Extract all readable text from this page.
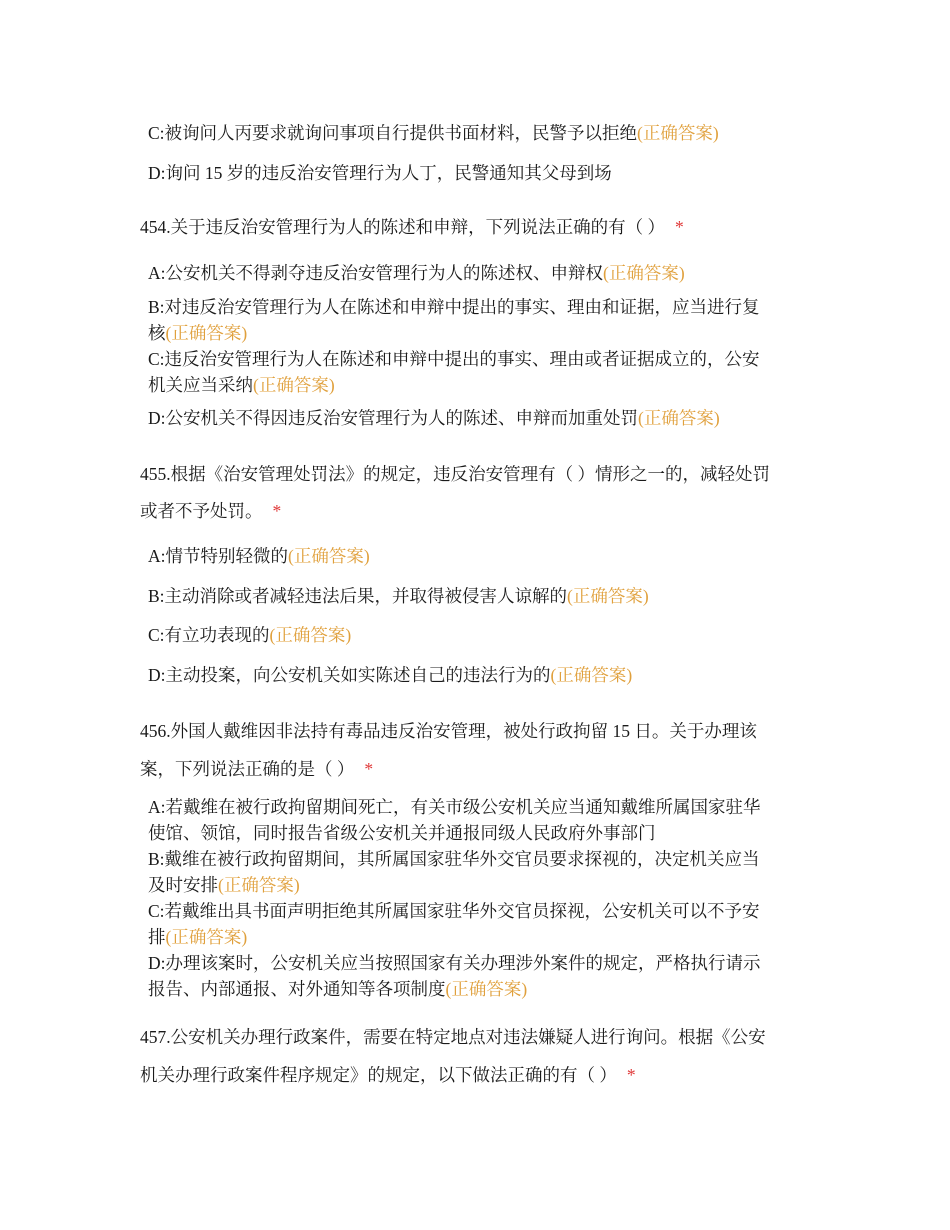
C:被询问人丙要求就询问事项自行提供书面材料，民警予以拒绝(正确答案)
D:询问 15 岁的违反治安管理行为人丁，民警通知其父母到场
454.关于违反治安管理行为人的陈述和申辩，下列说法正确的有（ ） *
A:公安机关不得剥夺违反治安管理行为人的陈述权、申辩权(正确答案)
B:对违反治安管理行为人在陈述和申辩中提出的事实、理由和证据，应当进行复
核(正确答案)
C:违反治安管理行为人在陈述和申辩中提出的事实、理由或者证据成立的，公安
机关应当采纳(正确答案)
D:公安机关不得因违反治安管理行为人的陈述、申辩而加重处罚(正确答案)
455.根据《治安管理处罚法》的规定，违反治安管理有（ ）情形之一的，减轻处罚
或者不予处罚。 *
A:情节特别轻微的(正确答案)
B:主动消除或者减轻违法后果，并取得被侵害人谅解的(正确答案)
C:有立功表现的(正确答案)
D:主动投案，向公安机关如实陈述自己的违法行为的(正确答案)
456.外国人戴维因非法持有毒品违反治安管理，被处行政拘留 15 日。关于办理该
案，下列说法正确的是（ ） *
A:若戴维在被行政拘留期间死亡，有关市级公安机关应当通知戴维所属国家驻华
使馆、领馆，同时报告省级公安机关并通报同级人民政府外事部门
B:戴维在被行政拘留期间，其所属国家驻华外交官员要求探视的，决定机关应当
及时安排(正确答案)
C:若戴维出具书面声明拒绝其所属国家驻华外交官员探视，公安机关可以不予安
排(正确答案)
D:办理该案时，公安机关应当按照国家有关办理涉外案件的规定，严格执行请示
报告、内部通报、对外通知等各项制度(正确答案)
457.公安机关办理行政案件，需要在特定地点对违法嫌疑人进行询问。根据《公安
机关办理行政案件程序规定》的规定，以下做法正确的有（ ） *
